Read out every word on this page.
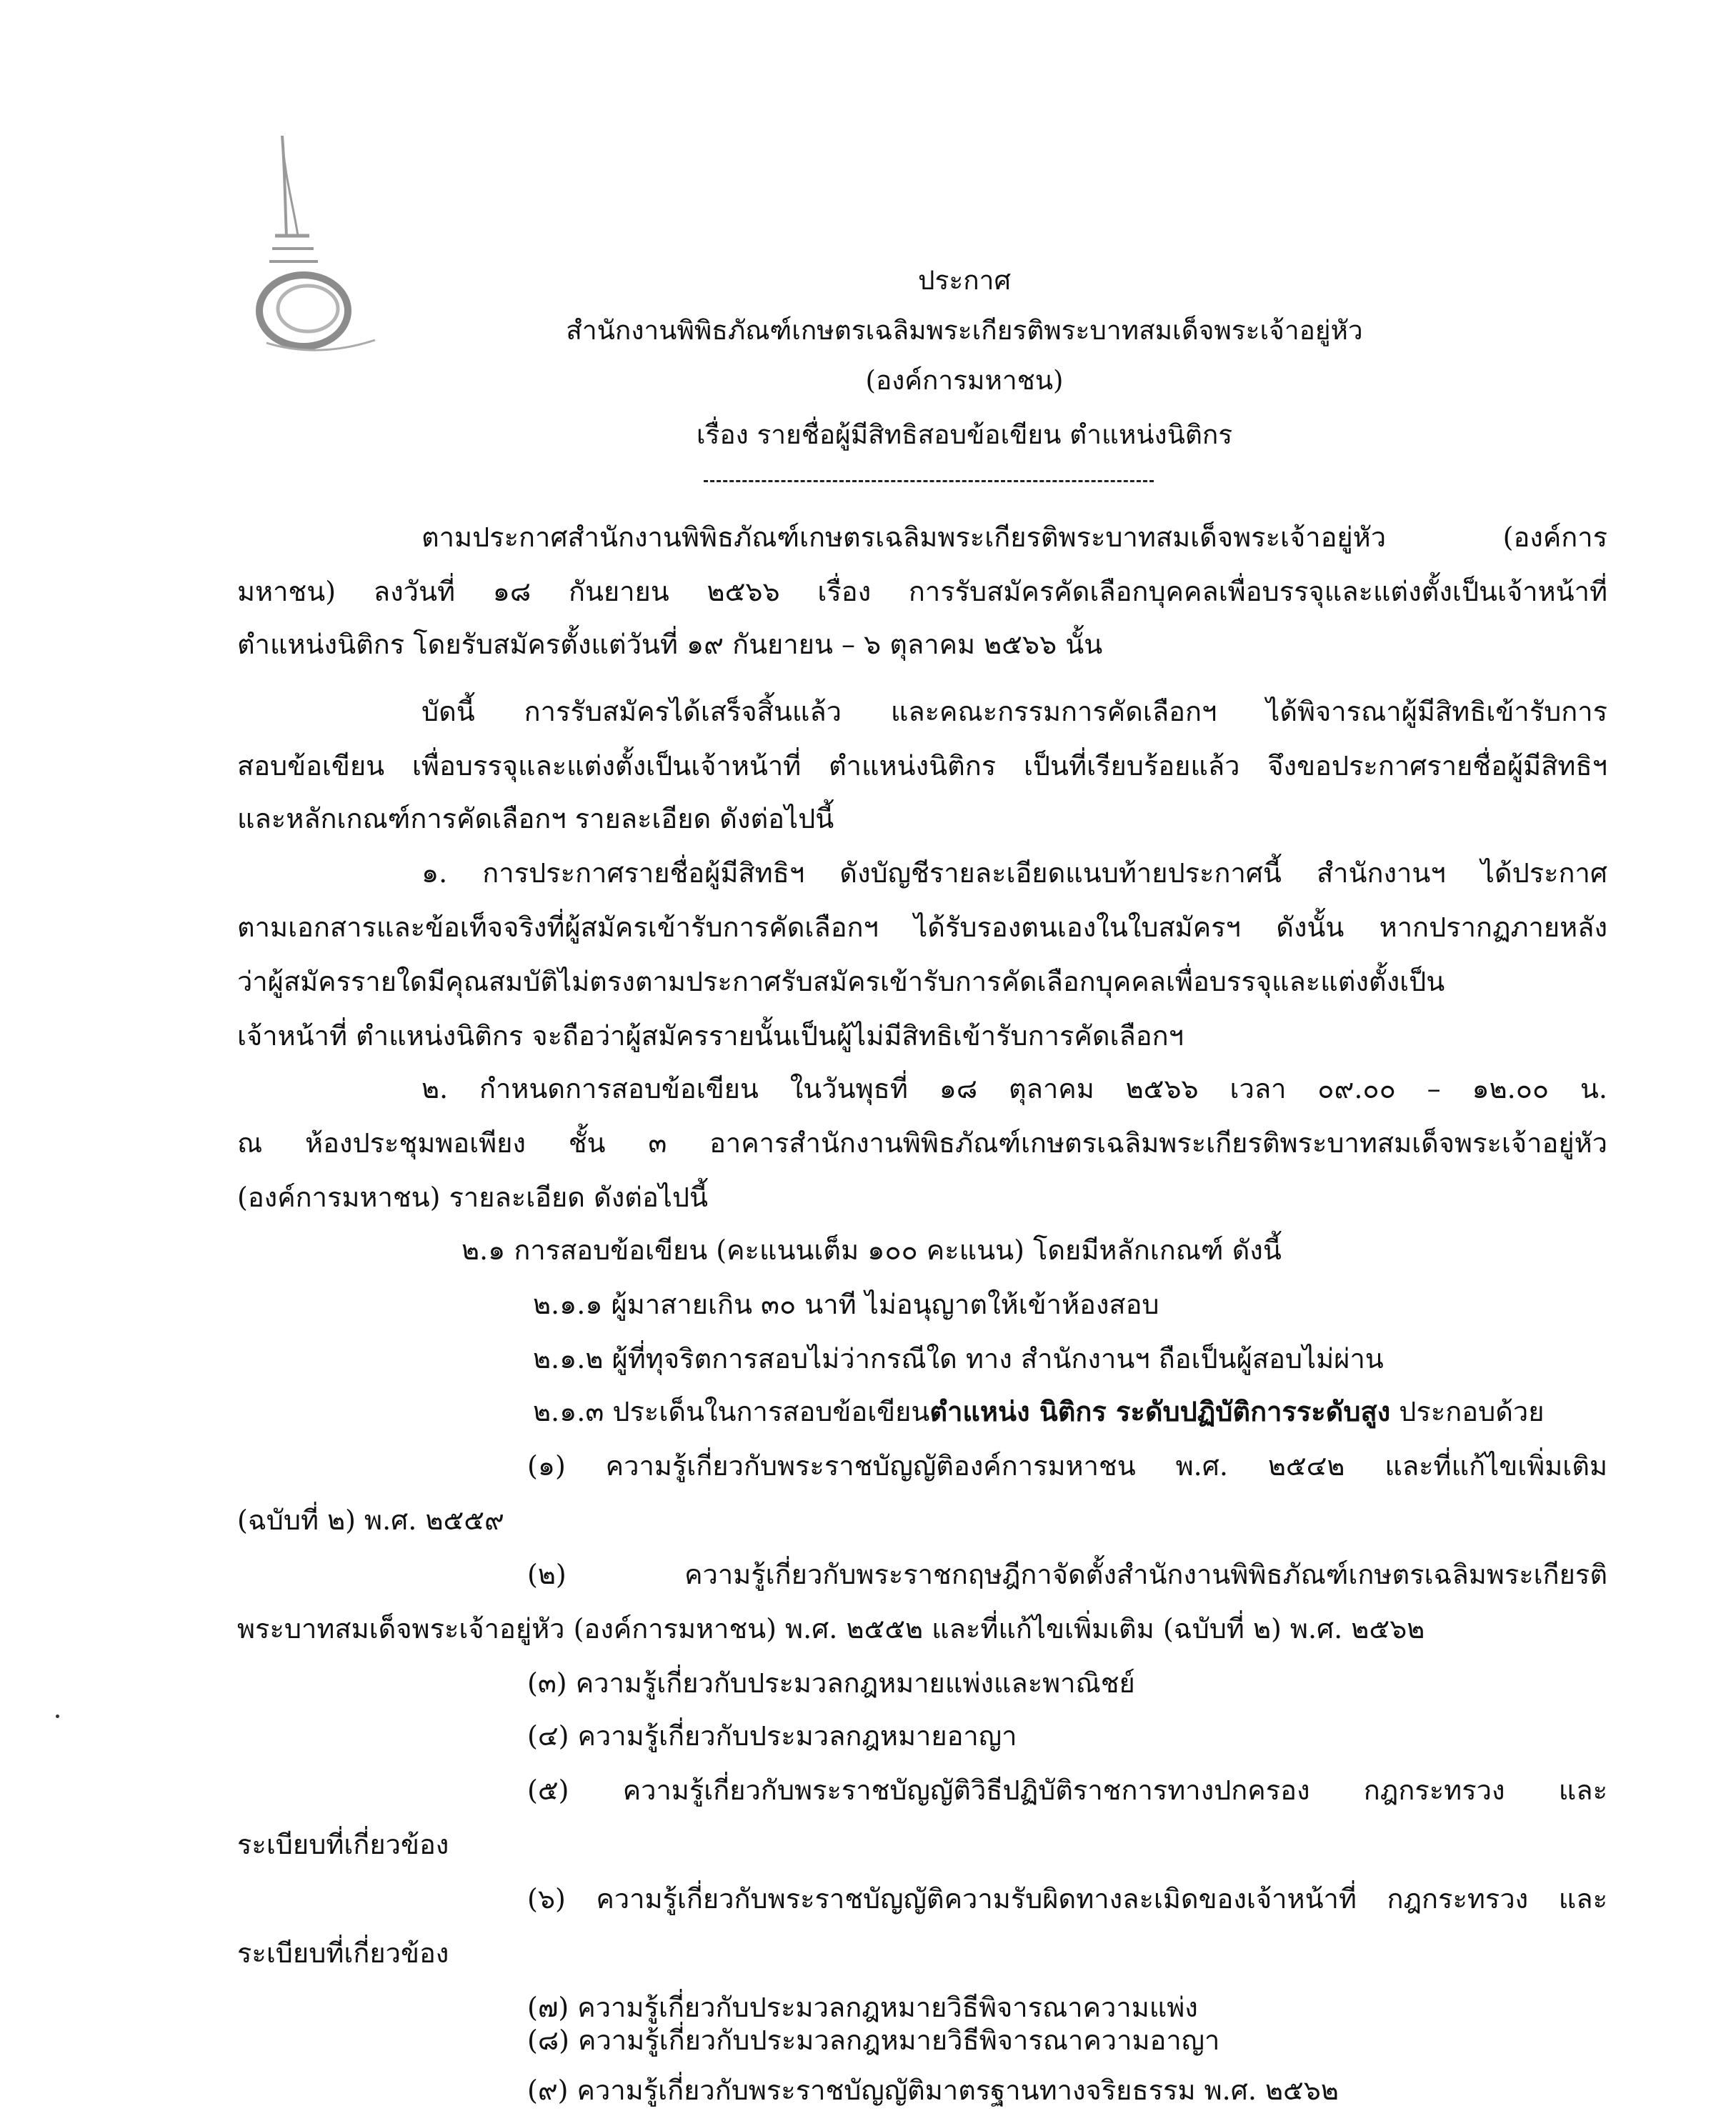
ประกาศ
สำนักงานพิพิธภัณฑ์เกษตรเฉลิมพระเกียรติพระบาทสมเด็จพระเจ้าอยู่หัว
(องค์การมหาชน)
เรื่อง รายชื่อผู้มีสิทธิสอบข้อเขียน ตำแหน่งนิติกร
ตามประกาศสำนักงานพิพิธภัณฑ์เกษตรเฉลิมพระเกียรติพระบาทสมเด็จพระเจ้าอยู่หัว (องค์การ
มหาชน) ลงวันที่ ๑๘ กันยายน ๒๕๖๖ เรื่อง การรับสมัครคัดเลือกบุคคลเพื่อบรรจุและแต่งตั้งเป็นเจ้าหน้าที่
ตำแหน่งนิติกร โดยรับสมัครตั้งแต่วันที่ ๑๙ กันยายน – ๖ ตุลาคม ๒๕๖๖ นั้น
บัดนี้ การรับสมัครได้เสร็จสิ้นแล้ว และคณะกรรมการคัดเลือกฯ ได้พิจารณาผู้มีสิทธิเข้ารับการ
สอบข้อเขียน เพื่อบรรจุและแต่งตั้งเป็นเจ้าหน้าที่ ตำแหน่งนิติกร เป็นที่เรียบร้อยแล้ว จึงขอประกาศรายชื่อผู้มีสิทธิฯ
และหลักเกณฑ์การคัดเลือกฯ รายละเอียด ดังต่อไปนี้
๑. การประกาศรายชื่อผู้มีสิทธิฯ ดังบัญชีรายละเอียดแนบท้ายประกาศนี้ สำนักงานฯ ได้ประกาศ
ตามเอกสารและข้อเท็จจริงที่ผู้สมัครเข้ารับการคัดเลือกฯ ได้รับรองตนเองในใบสมัครฯ ดังนั้น หากปรากฏภายหลัง
ว่าผู้สมัครรายใดมีคุณสมบัติไม่ตรงตามประกาศรับสมัครเข้ารับการคัดเลือกบุคคลเพื่อบรรจุและแต่งตั้งเป็น
เจ้าหน้าที่ ตำแหน่งนิติกร จะถือว่าผู้สมัครรายนั้นเป็นผู้ไม่มีสิทธิเข้ารับการคัดเลือกฯ
๒. กำหนดการสอบข้อเขียน ในวันพุธที่ ๑๘ ตุลาคม ๒๕๖๖ เวลา ๐๙.๐๐ – ๑๒.๐๐ น.
ณ ห้องประชุมพอเพียง ชั้น ๓ อาคารสำนักงานพิพิธภัณฑ์เกษตรเฉลิมพระเกียรติพระบาทสมเด็จพระเจ้าอยู่หัว
(องค์การมหาชน) รายละเอียด ดังต่อไปนี้
๒.๑ การสอบข้อเขียน (คะแนนเต็ม ๑๐๐ คะแนน) โดยมีหลักเกณฑ์ ดังนี้
๒.๑.๑ ผู้มาสายเกิน ๓๐ นาที ไม่อนุญาตให้เข้าห้องสอบ
๒.๑.๒ ผู้ที่ทุจริตการสอบไม่ว่ากรณีใด ทาง สำนักงานฯ ถือเป็นผู้สอบไม่ผ่าน
๒.๑.๓ ประเด็นในการสอบข้อเขียนตำแหน่ง นิติกร ระดับปฏิบัติการระดับสูง ประกอบด้วย
(๑) ความรู้เกี่ยวกับพระราชบัญญัติองค์การมหาชน พ.ศ. ๒๕๔๒ และที่แก้ไขเพิ่มเติม
(ฉบับที่ ๒) พ.ศ. ๒๕๕๙
(๒) ความรู้เกี่ยวกับพระราชกฤษฎีกาจัดตั้งสำนักงานพิพิธภัณฑ์เกษตรเฉลิมพระเกียรติ
พระบาทสมเด็จพระเจ้าอยู่หัว (องค์การมหาชน) พ.ศ. ๒๕๕๒ และที่แก้ไขเพิ่มเติม (ฉบับที่ ๒) พ.ศ. ๒๕๖๒
(๓) ความรู้เกี่ยวกับประมวลกฎหมายแพ่งและพาณิชย์
(๔) ความรู้เกี่ยวกับประมวลกฎหมายอาญา
(๕) ความรู้เกี่ยวกับพระราชบัญญัติวิธีปฏิบัติราชการทางปกครอง กฎกระทรวง และ
ระเบียบที่เกี่ยวข้อง
(๖) ความรู้เกี่ยวกับพระราชบัญญัติความรับผิดทางละเมิดของเจ้าหน้าที่ กฎกระทรวง และ
ระเบียบที่เกี่ยวข้อง
(๗) ความรู้เกี่ยวกับประมวลกฎหมายวิธีพิจารณาความแพ่ง
(๘) ความรู้เกี่ยวกับประมวลกฎหมายวิธีพิจารณาความอาญา
(๙) ความรู้เกี่ยวกับพระราชบัญญัติมาตรฐานทางจริยธรรม พ.ศ. ๒๕๖๒
